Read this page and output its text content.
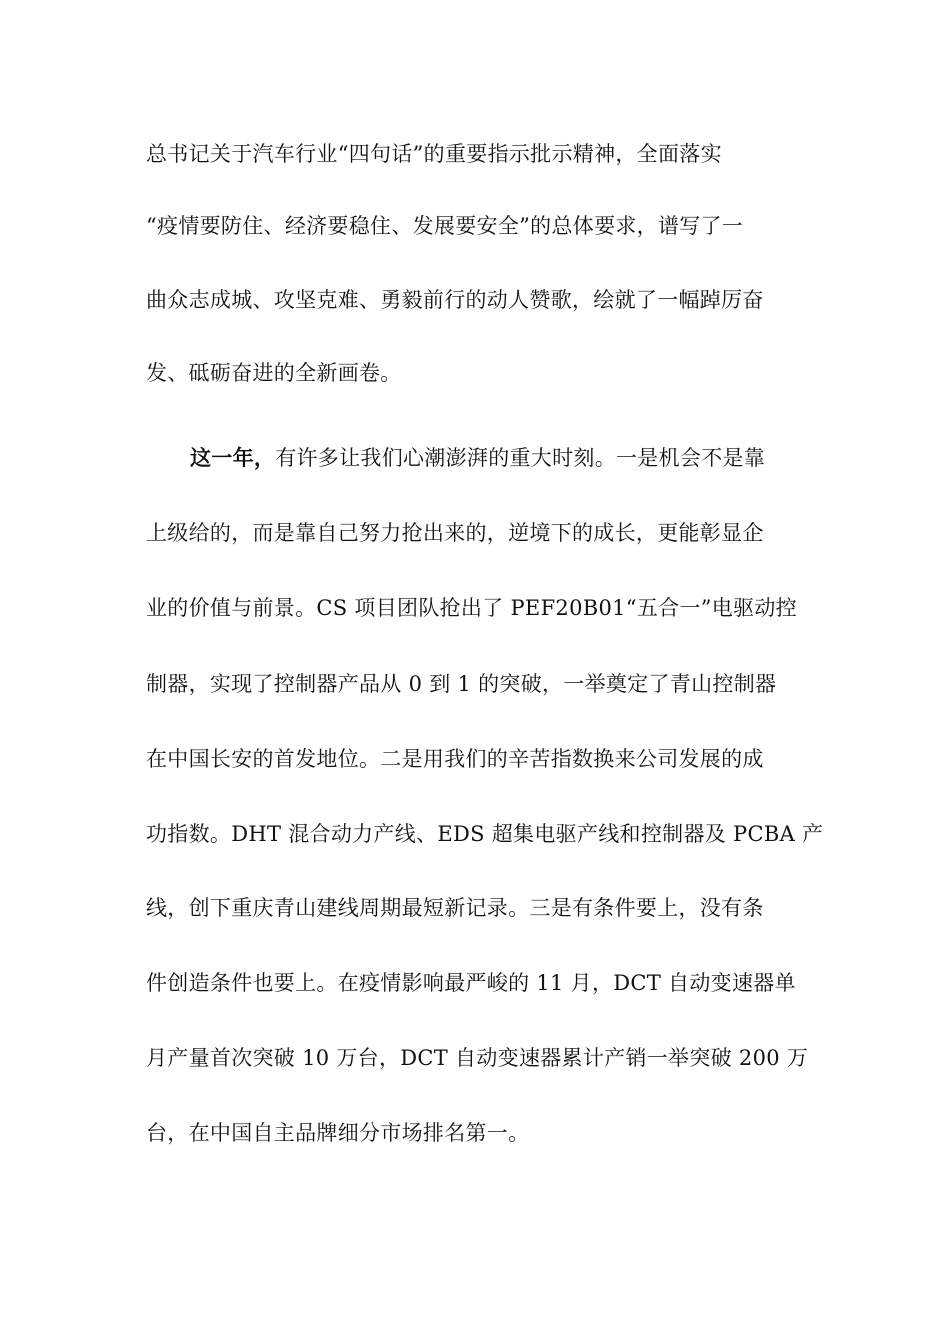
总书记关于汽车行业“四句话”的重要指示批示精神，全面落实
“疫情要防住、经济要稳住、发展要安全”的总体要求，谱写了一
曲众志成城、攻坚克难、勇毅前行的动人赞歌，绘就了一幅踔厉奋
发、砥砺奋进的全新画卷。
这一年，有许多让我们心潮澎湃的重大时刻。一是机会不是靠
上级给的，而是靠自己努力抢出来的，逆境下的成长，更能彰显企
业的价值与前景。CS 项目团队抢出了 PEF20B01“五合一”电驱动控
制器，实现了控制器产品从 0 到 1 的突破，一举奠定了青山控制器
在中国长安的首发地位。二是用我们的辛苦指数换来公司发展的成
功指数。DHT 混合动力产线、EDS 超集电驱产线和控制器及 PCBA 产
线，创下重庆青山建线周期最短新记录。三是有条件要上，没有条
件创造条件也要上。在疫情影响最严峻的 11 月，DCT 自动变速器单
月产量首次突破 10 万台，DCT 自动变速器累计产销一举突破 200 万
台，在中国自主品牌细分市场排名第一。
